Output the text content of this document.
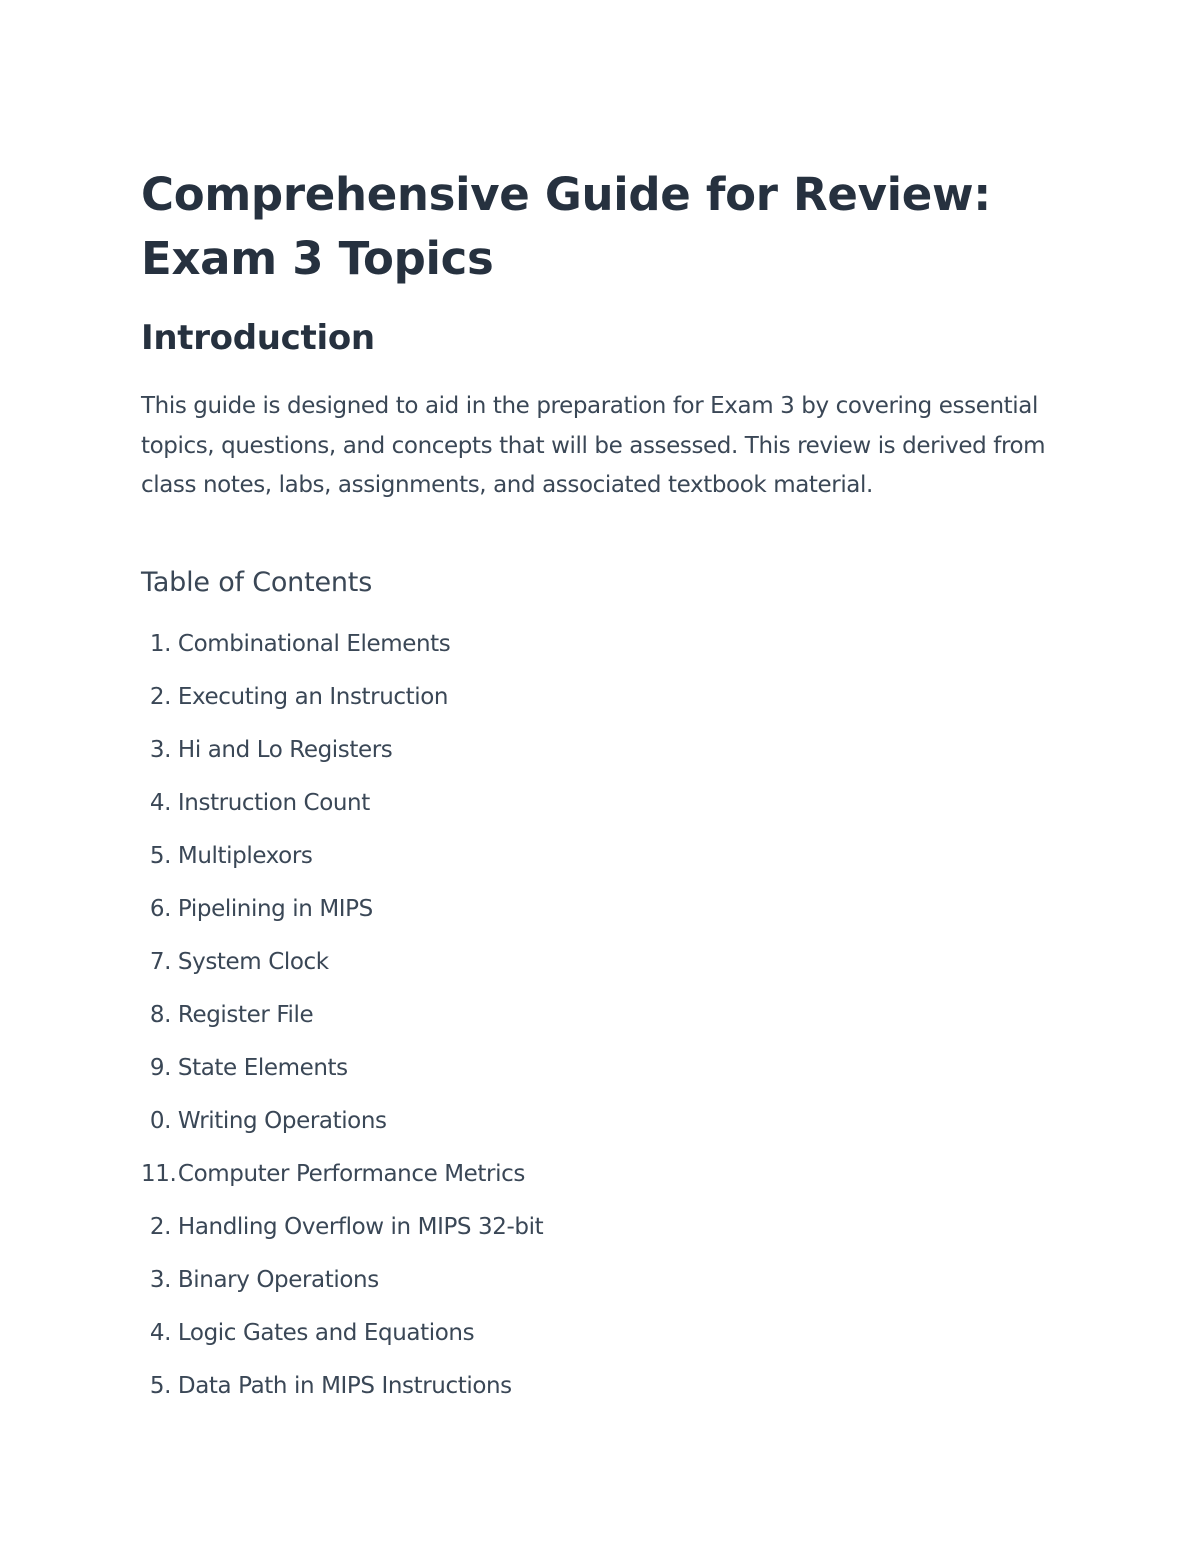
Comprehensive Guide for Review: Exam 3 Topics
Introduction

This guide is designed to aid in the preparation for Exam 3 by covering essential topics, questions, and concepts that will be assessed. This review is derived from class notes, labs, assignments, and associated textbook material.

Table of Contents
1. Combinational Elements
2. Executing an Instruction
3. Hi and Lo Registers
4. Instruction Count
5. Multiplexors
6. Pipelining in MIPS
7. System Clock
8. Register File
9. State Elements
0. Writing Operations
11. Computer Performance Metrics
2. Handling Overflow in MIPS 32-bit
3. Binary Operations
4. Logic Gates and Equations
5. Data Path in MIPS Instructions
